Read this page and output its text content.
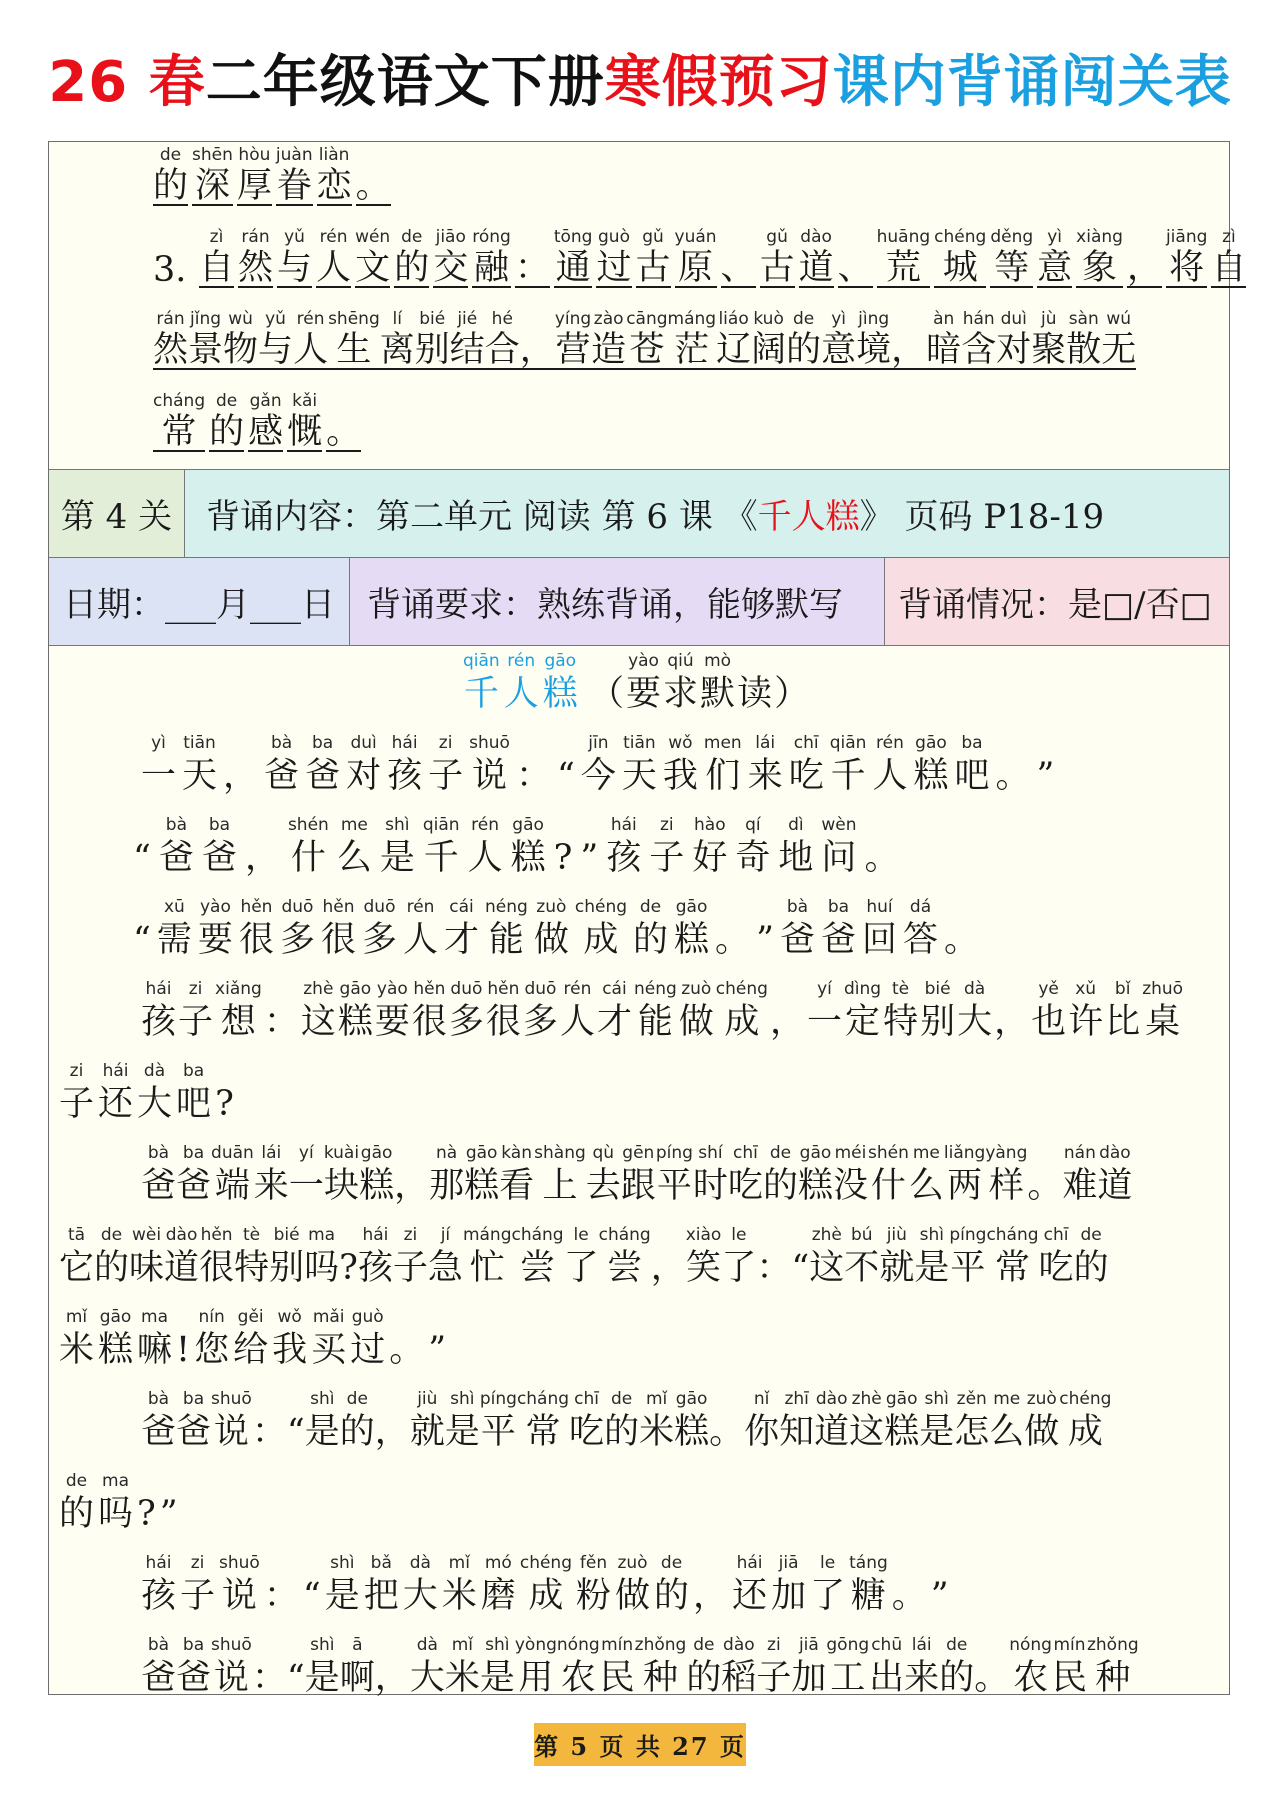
26 春二年级语文下册寒假预习课内背诵闯关表
de
的
shēn
深
hòu
厚
juàn
眷
liàn
恋 。
3.
zì
自
rán
然
yǔ
与
rén
人
wén
文
de
的
jiāo
交
róng
融 ：
tōng
通
guò
过
gǔ
古
yuán
原 、
gǔ
古
dào
道 、
huāng
荒
chéng
城
děng
等
yì
意
xiàng
象 ，
jiāng
将
zì
自
rán
然
jǐng
景
wù
物
yǔ
与
rén
人
shēng
生
lí
离
bié
别
jié
结
hé
合 ，
yíng
营
zào
造
cāng
苍
máng
茫
liáo
辽
kuò
阔
de
的
yì
意
jìng
境 ，
àn
暗
hán
含
duì
对
jù
聚
sàn
散
wú
无
cháng
常
de
的
gǎn
感
kǎi
慨 。
第 4 关 背诵内容：第二单元 阅读 第 6 课 《 千人糕 》 页码 P18-19
日期：___月___日 背诵要求：熟练背诵，能够默写 背诵情况：是□/否□
qiān
千
rén
人
gāo
糕 （
yào
要
qiú
求
mò
默 读 ）
yì
一
tiān
天 ，
bà
爸
ba
爸
duì
对
hái
孩
zi
子
shuō
说 ： “
jīn
今
tiān
天
wǒ
我
men
们
lái
来
chī
吃
qiān
千
rén
人
gāo
糕
ba
吧 。 ”
“
bà
爸
ba
爸 ，
shén
什
me
么
shì
是
qiān
千
rén
人
gāo
糕 ? ”
hái
孩
zi
子
hào
好
qí
奇
dì
地
wèn
问 。
“
xū
需
yào
要
hěn
很
duō
多
hěn
很
duō
多
rén
人
cái
才
néng
能
zuò
做
chéng
成
de
的
gāo
糕 。 ”
bà
爸
ba
爸
huí
回
dá
答 。
hái
孩
zi
子
xiǎng
想 ：
zhè
这
gāo
糕
yào
要
hěn
很
duō
多
hěn
很
duō
多
rén
人
cái
才
néng
能
zuò
做
chéng
成 ，
yí
一
dìng
定
tè
特
bié
别
dà
大 ，
yě
也
xǔ
许
bǐ
比
zhuō
桌
zi
子
hái
还
dà
大
ba
吧 ?
bà
爸
ba
爸
duān
端
lái
来
yí
一
kuài
块
gāo
糕 ，
nà
那
gāo
糕
kàn
看
shàng
上
qù
去
gēn
跟
píng
平
shí
时
chī
吃
de
的
gāo
糕
méi
没
shén
什
me
么
liǎng
两
yàng
样 。
nán
难
dào
道
tā
它
de
的
wèi
味
dào
道
hěn
很
tè
特
bié
别
ma
吗 ?
hái
孩
zi
子
jí
急
máng
忙
cháng
尝
le
了
cháng
尝 ，
xiào
笑
le
了 ： “
zhè
这
bú
不
jiù
就
shì
是
píng
平
cháng
常
chī
吃
de
的
mǐ
米
gāo
糕
ma
嘛 !
nín
您
gěi
给
wǒ
我
mǎi
买
guò
过 。 ”
bà
爸
ba
爸
shuō
说 ： “
shì
是
de
的 ，
jiù
就
shì
是
píng
平
cháng
常
chī
吃
de
的
mǐ
米
gāo
糕 。
nǐ
你
zhī
知
dào
道
zhè
这
gāo
糕
shì
是
zěn
怎
me
么
zuò
做
chéng
成
de
的
ma
吗 ? ”
hái
孩
zi
子
shuō
说 ： “
shì
是
bǎ
把
dà
大
mǐ
米
mó
磨
chéng
成
fěn
粉
zuò
做
de
的 ，
hái
还
jiā
加
le
了
táng
糖 。 ”
bà
爸
ba
爸
shuō
说 ： “
shì
是
ā
啊 ，
dà
大
mǐ
米
shì
是
yòng
用
nóng
农
mín
民
zhǒng
种
de
的
dào
稻
zi
子
jiā
加
gōng
工
chū
出
lái
来
de
的 。
nóng
农
mín
民
zhǒng
种
第 5 页 共 27 页
